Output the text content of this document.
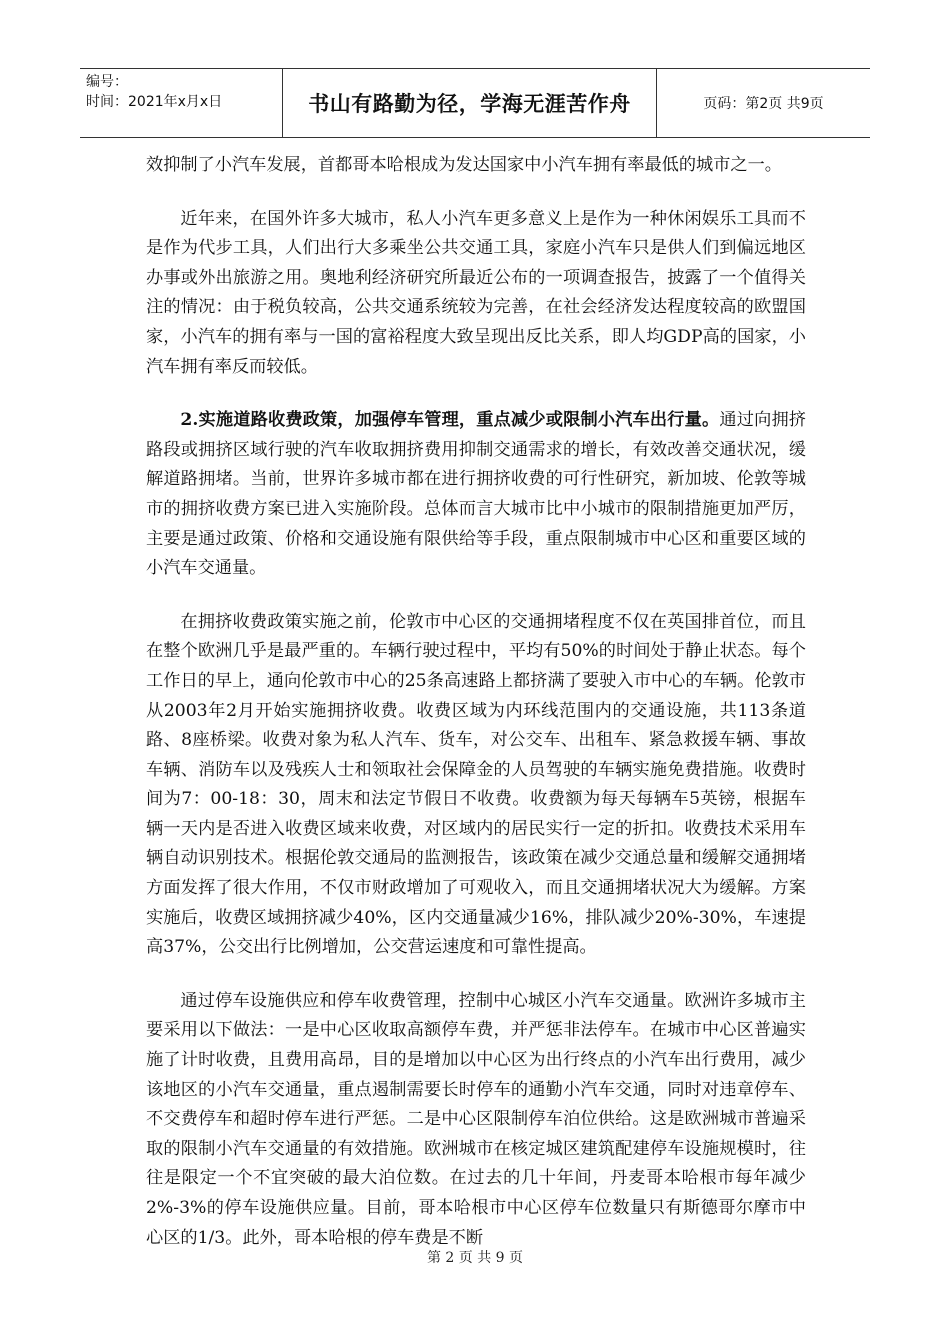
编号：
时间：2021年x月x日	书山有路勤为径，学海无涯苦作舟	页码：第2页 共9页

效抑制了小汽车发展，首都哥本哈根成为发达国家中小汽车拥有率最低的城市之一。

近年来，在国外许多大城市，私人小汽车更多意义上是作为一种休闲娱乐工具而不是作为代步工具，人们出行大多乘坐公共交通工具，家庭小汽车只是供人们到偏远地区办事或外出旅游之用。奥地利经济研究所最近公布的一项调查报告，披露了一个值得关注的情况：由于税负较高，公共交通系统较为完善，在社会经济发达程度较高的欧盟国家，小汽车的拥有率与一国的富裕程度大致呈现出反比关系，即人均GDP高的国家，小汽车拥有率反而较低。

2.实施道路收费政策，加强停车管理，重点减少或限制小汽车出行量。通过向拥挤路段或拥挤区域行驶的汽车收取拥挤费用抑制交通需求的增长，有效改善交通状况，缓解道路拥堵。当前，世界许多城市都在进行拥挤收费的可行性研究，新加坡、伦敦等城市的拥挤收费方案已进入实施阶段。总体而言大城市比中小城市的限制措施更加严厉，主要是通过政策、价格和交通设施有限供给等手段，重点限制城市中心区和重要区域的小汽车交通量。

在拥挤收费政策实施之前，伦敦市中心区的交通拥堵程度不仅在英国排首位，而且在整个欧洲几乎是最严重的。车辆行驶过程中，平均有50%的时间处于静止状态。每个工作日的早上，通向伦敦市中心的25条高速路上都挤满了要驶入市中心的车辆。伦敦市从2003年2月开始实施拥挤收费。收费区域为内环线范围内的交通设施，共113条道路、8座桥梁。收费对象为私人汽车、货车，对公交车、出租车、紧急救援车辆、事故车辆、消防车以及残疾人士和领取社会保障金的人员驾驶的车辆实施免费措施。收费时间为7：00-18：30，周末和法定节假日不收费。收费额为每天每辆车5英镑，根据车辆一天内是否进入收费区域来收费，对区域内的居民实行一定的折扣。收费技术采用车辆自动识别技术。根据伦敦交通局的监测报告，该政策在减少交通总量和缓解交通拥堵方面发挥了很大作用，不仅市财政增加了可观收入，而且交通拥堵状况大为缓解。方案实施后，收费区域拥挤减少40%，区内交通量减少16%，排队减少20%-30%，车速提高37%，公交出行比例增加，公交营运速度和可靠性提高。

通过停车设施供应和停车收费管理，控制中心城区小汽车交通量。欧洲许多城市主要采用以下做法：一是中心区收取高额停车费，并严惩非法停车。在城市中心区普遍实施了计时收费，且费用高昂，目的是增加以中心区为出行终点的小汽车出行费用，减少该地区的小汽车交通量，重点遏制需要长时停车的通勤小汽车交通，同时对违章停车、不交费停车和超时停车进行严惩。二是中心区限制停车泊位供给。这是欧洲城市普遍采取的限制小汽车交通量的有效措施。欧洲城市在核定城区建筑配建停车设施规模时，往往是限定一个不宜突破的最大泊位数。在过去的几十年间，丹麦哥本哈根市每年减少2%-3%的停车设施供应量。目前，哥本哈根市中心区停车位数量只有斯德哥尔摩市中心区的1/3。此外，哥本哈根的停车费是不断

第 2 页 共 9 页
